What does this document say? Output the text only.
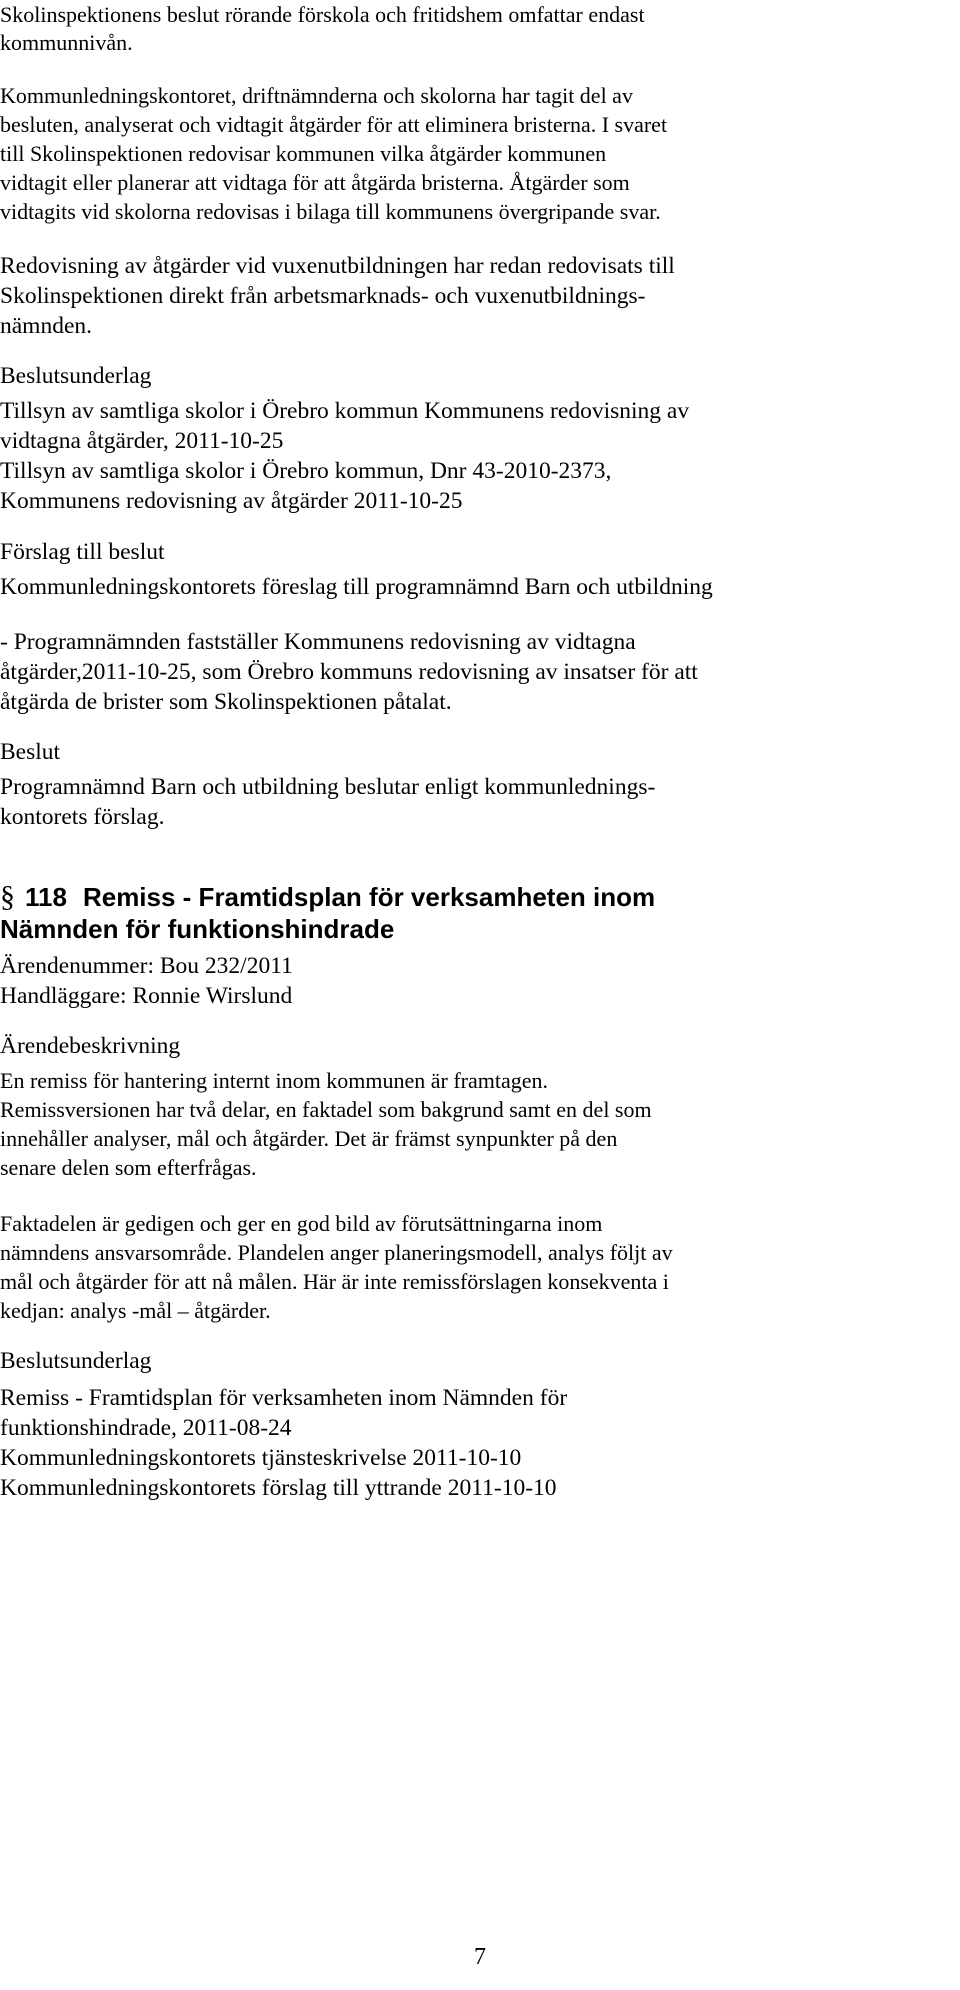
Skolinspektionens beslut rörande förskola och fritidshem omfattar endast

kommunnivån.

Kommunledningskontoret, driftnämnderna och skolorna har tagit del av

besluten, analyserat och vidtagit åtgärder för att eliminera bristerna. I svaret

till Skolinspektionen redovisar kommunen vilka åtgärder kommunen

vidtagit eller planerar att vidtaga för att åtgärda bristerna. Åtgärder som

vidtagits vid skolorna redovisas i bilaga till kommunens övergripande svar.

Redovisning av åtgärder vid vuxenutbildningen har redan redovisats till

Skolinspektionen direkt från arbetsmarknads- och vuxenutbildnings-

nämnden.

Beslutsunderlag

Tillsyn av samtliga skolor i Örebro kommun Kommunens redovisning av

vidtagna åtgärder, 2011-10-25

Tillsyn av samtliga skolor i Örebro kommun, Dnr 43-2010-2373,

Kommunens redovisning av åtgärder 2011-10-25

Förslag till beslut

Kommunledningskontorets föreslag till programnämnd Barn och utbildning

- Programnämnden fastställer Kommunens redovisning av vidtagna

åtgärder,2011-10-25, som Örebro kommuns redovisning av insatser för att

åtgärda de brister som Skolinspektionen påtalat.

Beslut

Programnämnd Barn och utbildning beslutar enligt kommunlednings-

kontorets förslag.

§ 118 Remiss - Framtidsplan för verksamheten inom

Nämnden för funktionshindrade

Ärendenummer: Bou 232/2011

Handläggare: Ronnie Wirslund

Ärendebeskrivning

En remiss för hantering internt inom kommunen är framtagen.

Remissversionen har två delar, en faktadel som bakgrund samt en del som

innehåller analyser, mål och åtgärder. Det är främst synpunkter på den

senare delen som efterfrågas.

Faktadelen är gedigen och ger en god bild av förutsättningarna inom

nämndens ansvarsområde. Plandelen anger planeringsmodell, analys följt av

mål och åtgärder för att nå målen. Här är inte remissförslagen konsekventa i

kedjan: analys -mål – åtgärder.

Beslutsunderlag

Remiss - Framtidsplan för verksamheten inom Nämnden för

funktionshindrade, 2011-08-24

Kommunledningskontorets tjänsteskrivelse 2011-10-10

Kommunledningskontorets förslag till yttrande 2011-10-10

7
